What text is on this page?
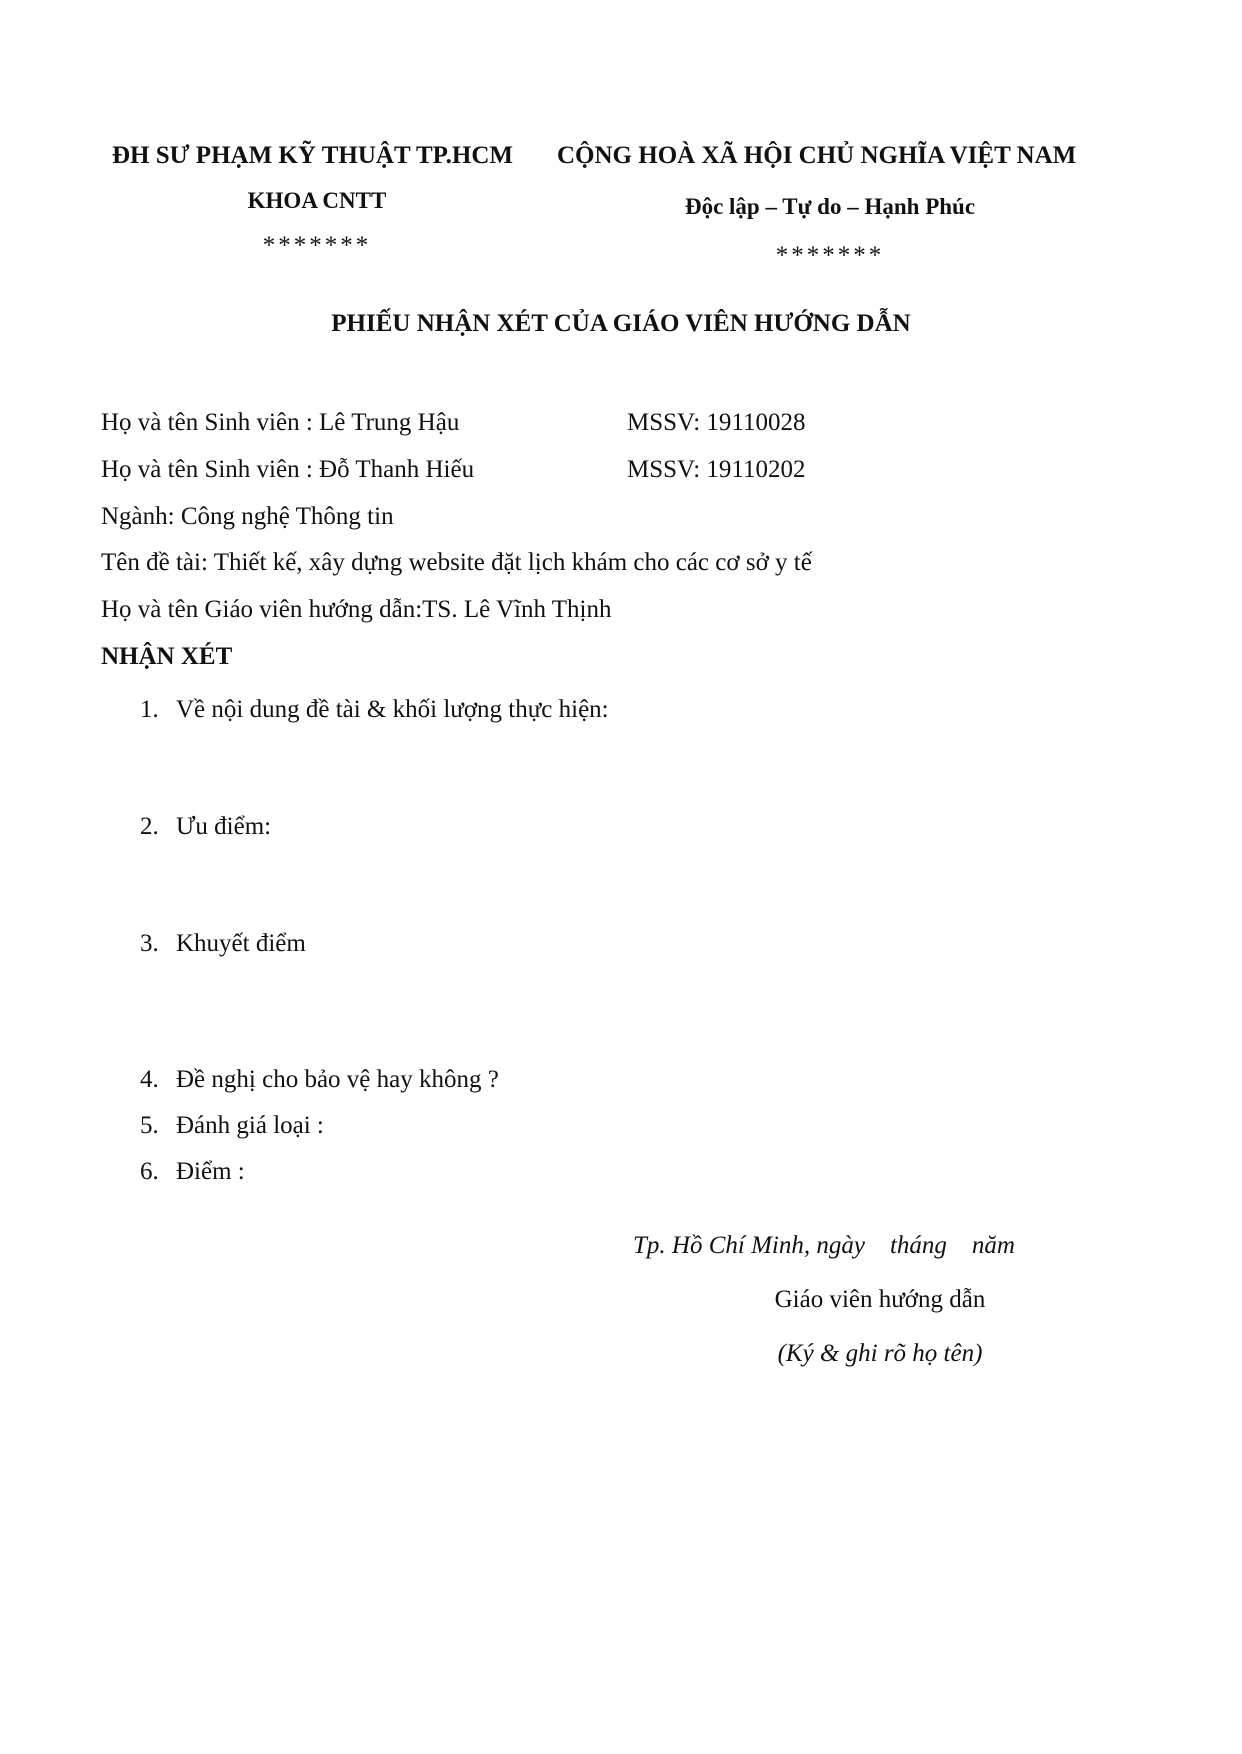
ĐH SƯ PHẠM KỸ THUẬT TP.HCM
KHOA CNTT
*******
CỘNG HOÀ XÃ HỘI CHỦ NGHĨA VIỆT NAM
Độc lập – Tự do – Hạnh Phúc
*******
PHIẾU NHẬN XÉT CỦA GIÁO VIÊN HƯỚNG DẪN
Họ và tên Sinh viên : Lê Trung Hậu	MSSV: 19110028
Họ và tên Sinh viên : Đỗ Thanh Hiếu	MSSV: 19110202
Ngành: Công nghệ Thông tin
Tên đề tài: Thiết kế, xây dựng website đặt lịch khám cho các cơ sở y tế
Họ và tên Giáo viên hướng dẫn:TS. Lê Vĩnh Thịnh
NHẬN XÉT
1. Về nội dung đề tài & khối lượng thực hiện:
2. Ưu điểm:
3. Khuyết điểm
4. Đề nghị cho bảo vệ hay không ?
5. Đánh giá loại :
6. Điểm :
Tp. Hồ Chí Minh, ngày    tháng    năm
Giáo viên hướng dẫn
(Ký & ghi rõ họ tên)
